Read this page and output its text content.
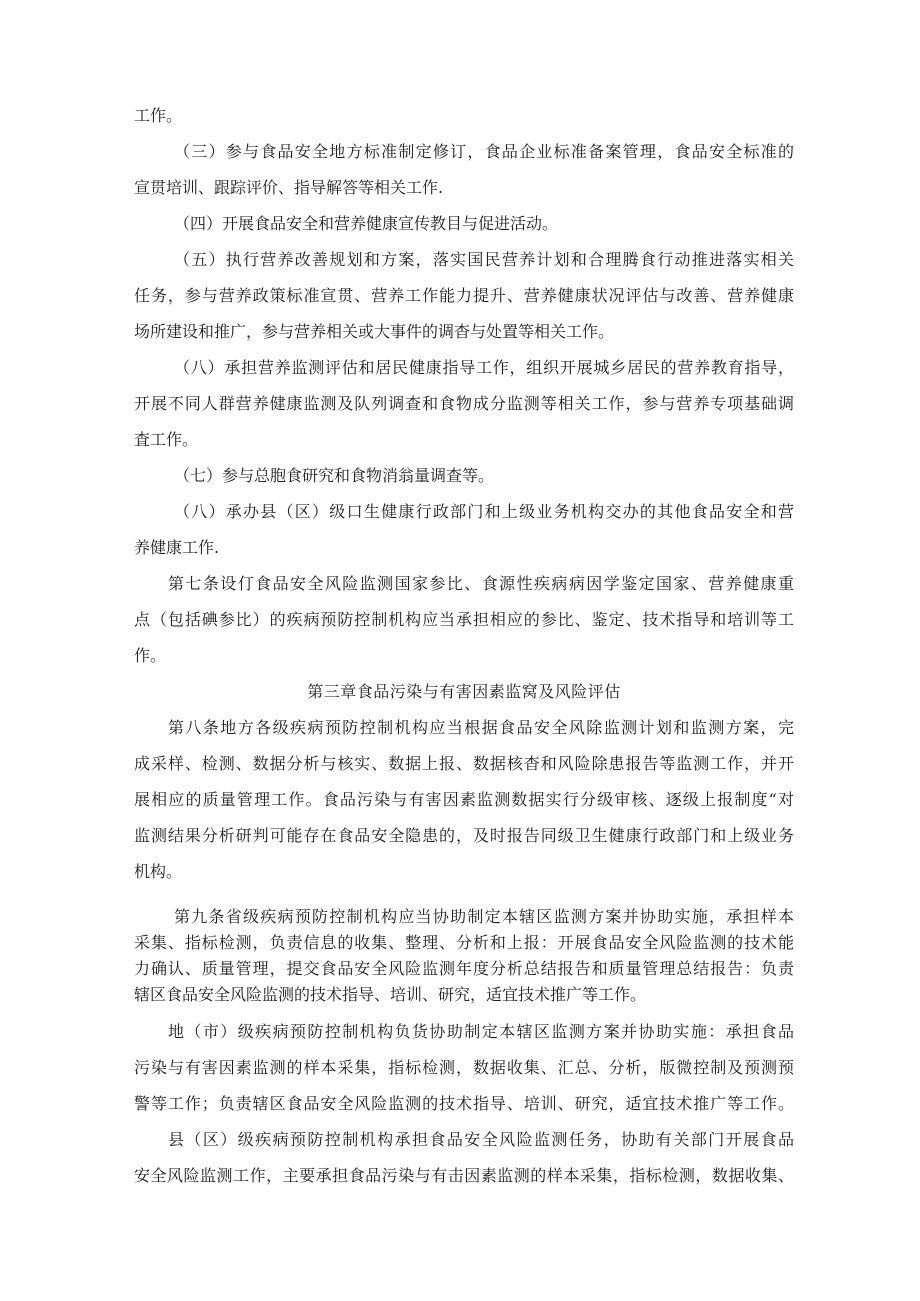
工作。
（三）参与食品安全地方标准制定修订，食品企业标准备案管理，食品安全标准的
宣贯培训、跟踪评价、指导解答等相关工作.
（四）开展食品安全和营养健康宣传教目与促进活动。
（五）执行营养改善规划和方案，落实国民营养计划和合理腾食行动推进落实相关
任务，参与营养政策标准宣贯、营养工作能力提升、营养健康状况评估与改善、营养健康
场所建设和推广，参与营养相关或大事件的调杳与处置等相关工作。
（八）承担营养监测评估和居民健康指导工作，组织开展城乡居民的营养教育指导，
开展不同人群营养健康监测及队列调查和食物成分监测等相关工作，参与营养专项基础调
査工作。
（七）参与总胞食研究和食物消翁量调查等。
（八）承办县（区）级口生健康行政部门和上级业务机构交办的其他食品安全和营
养健康工作.
第七条设仃食品安全风险监测国家参比、食源性疾病病因学鉴定国家、营养健康重
点（包括碘参比）的疾病预防控制机构应当承担相应的参比、鉴定、技术指导和培训等工
作。
第三章食品污染与有害因素监窝及风险评估
第八条地方各级疾病预防控制机构应当根据食品安全风除监测计划和监测方案，完
成采样、检测、数据分析与核实、数据上报、数据核杳和风险除患报告等监测工作，并开
展相应的质量管理工作。食品污染与有害因素监测数据实行分级审核、逐级上报制度“对
监测结果分析研判可能存在食品安全隐患的，及时报告同级卫生健康行政部门和上级业务
机构。
第九条省级疾病预防控制机构应当协助制定本辖区监测方案并协助实施，承担样本
采集、指标检测，负责信息的收集、整理、分析和上报：开展食品安全风险监测的技术能
力确认、质量管理，提交食品安全风险监测年度分析总结报告和质量管理总结报告：负责
辖区食品安全风险监测的技术指导、培训、研究，适宜技术推广等工作。
地（市）级疾病预防控制机构负货协助制定本辖区监测方案并协助实施：承担食品
污染与有害因素监测的样本采集，指标检测，数据收集、汇总、分析，版微控制及预测预
警等工作；负责辖区食品安全风险监测的技术指导、培训、研究，适宜技术推广等工作。
县（区）级疾病预防控制机构承担食品安全风险监测任务，协助有关部门开展食品
安全风险监测工作，主要承担食品污染与有击因素监测的样本采集，指标检测，数据收集、
